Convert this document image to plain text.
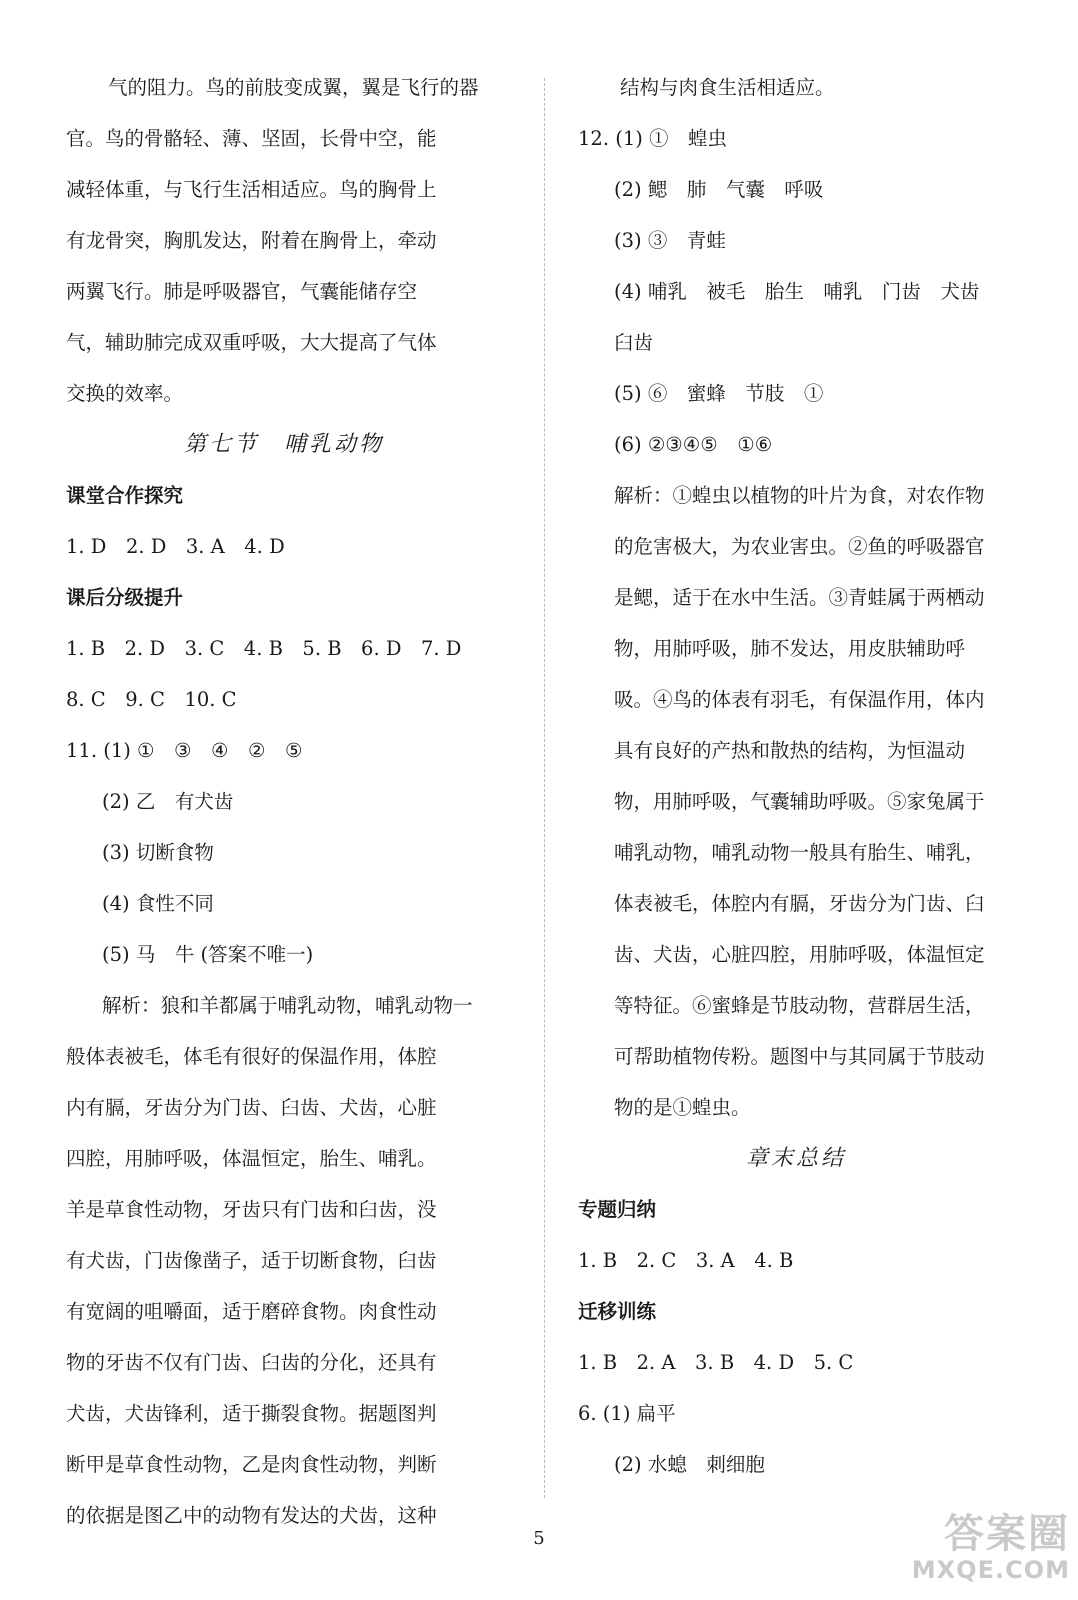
气的阻力。鸟的前肢变成翼，翼是飞行的器
官。鸟的骨骼轻、薄、坚固，长骨中空，能
减轻体重，与飞行生活相适应。鸟的胸骨上
有龙骨突，胸肌发达，附着在胸骨上，牵动
两翼飞行。肺是呼吸器官，气囊能储存空
气，辅助肺完成双重呼吸，大大提高了气体
交换的效率。
第七节　哺乳动物
课堂合作探究
1. D　2. D　3. A　4. D
课后分级提升
1. B　2. D　3. C　4. B　5. B　6. D　7. D
8. C　9. C　10. C
11. (1) ①　③　④　②　⑤
(2) 乙　有犬齿
(3) 切断食物
(4) 食性不同
(5) 马　牛 (答案不唯一)
解析：狼和羊都属于哺乳动物，哺乳动物一
般体表被毛，体毛有很好的保温作用，体腔
内有膈，牙齿分为门齿、臼齿、犬齿，心脏
四腔，用肺呼吸，体温恒定，胎生、哺乳。
羊是草食性动物，牙齿只有门齿和臼齿，没
有犬齿，门齿像凿子，适于切断食物，臼齿
有宽阔的咀嚼面，适于磨碎食物。肉食性动
物的牙齿不仅有门齿、臼齿的分化，还具有
犬齿，犬齿锋利，适于撕裂食物。据题图判
断甲是草食性动物，乙是肉食性动物，判断
的依据是图乙中的动物有发达的犬齿，这种
结构与肉食生活相适应。
12. (1) ①　蝗虫
(2) 鳃　肺　气囊　呼吸
(3) ③　青蛙
(4) 哺乳　被毛　胎生　哺乳　门齿　犬齿
臼齿
(5) ⑥　蜜蜂　节肢　①
(6) ②③④⑤　①⑥
解析：①蝗虫以植物的叶片为食，对农作物
的危害极大，为农业害虫。②鱼的呼吸器官
是鳃，适于在水中生活。③青蛙属于两栖动
物，用肺呼吸，肺不发达，用皮肤辅助呼
吸。④鸟的体表有羽毛，有保温作用，体内
具有良好的产热和散热的结构，为恒温动
物，用肺呼吸，气囊辅助呼吸。⑤家兔属于
哺乳动物，哺乳动物一般具有胎生、哺乳，
体表被毛，体腔内有膈，牙齿分为门齿、臼
齿、犬齿，心脏四腔，用肺呼吸，体温恒定
等特征。⑥蜜蜂是节肢动物，营群居生活，
可帮助植物传粉。题图中与其同属于节肢动
物的是①蝗虫。
章末总结
专题归纳
1. B　2. C　3. A　4. B
迁移训练
1. B　2. A　3. B　4. D　5. C
6. (1) 扁平
(2) 水螅　刺细胞
5	答案圈
MXQE.COM
